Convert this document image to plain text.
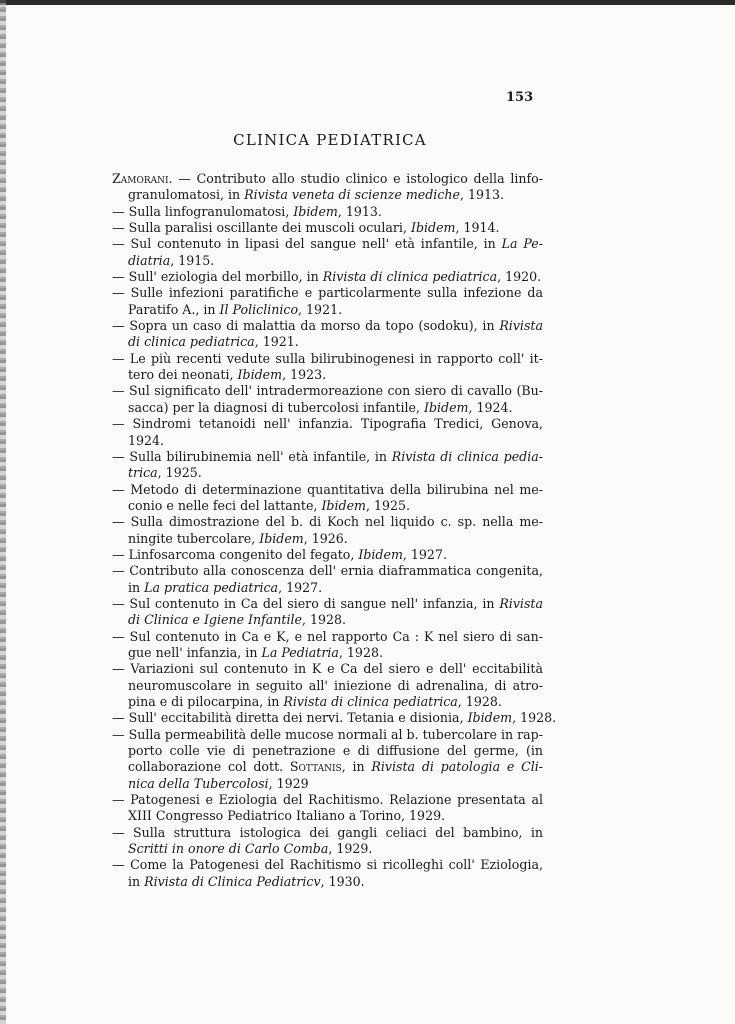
153
CLINICA PEDIATRICA
Zamorani. — Contributo allo studio clinico e istologico della linfo-
granulomatosi, in Rivista veneta di scienze mediche, 1913.
— Sulla linfogranulomatosi, Ibidem, 1913.
— Sulla paralisi oscillante dei muscoli oculari, Ibidem, 1914.
— Sul contenuto in lipasi del sangue nell' età infantile, in La Pe-
diatria, 1915.
— Sull' eziologia del morbillo, in Rivista di clinica pediatrica, 1920.
— Sulle infezioni paratifiche e particolarmente sulla infezione da
Paratifo A., in Il Policlinico, 1921.
— Sopra un caso di malattia da morso da topo (sodoku), in Rivista
di clinica pediatrica, 1921.
— Le più recenti vedute sulla bilirubinogenesi in rapporto coll' it-
tero dei neonati, Ibidem, 1923.
— Sul significato dell' intradermoreazione con siero di cavallo (Bu-
sacca) per la diagnosi di tubercolosi infantile, Ibidem, 1924.
— Sindromi tetanoidi nell' infanzia. Tipografia Tredici, Genova,
1924.
— Sulla bilirubinemia nell' età infantile, in Rivista di clinica pedia-
trica, 1925.
— Metodo di determinazione quantitativa della bilirubina nel me-
conio e nelle feci del lattante, Ibidem, 1925.
— Sulla dimostrazione del b. di Koch nel liquido c. sp. nella me-
ningite tubercolare, Ibidem, 1926.
— Linfosarcoma congenito del fegato, Ibidem, 1927.
— Contributo alla conoscenza dell' ernia diaframmatica congenita,
in La pratica pediatrica, 1927.
— Sul contenuto in Ca del siero di sangue nell' infanzia, in Rivista
di Clinica e Igiene Infantile, 1928.
— Sul contenuto in Ca e K, e nel rapporto Ca : K nel siero di san-
gue nell' infanzia, in La Pediatria, 1928.
— Variazioni sul contenuto in K e Ca del siero e dell' eccitabilità
neuromuscolare in seguito all' iniezione di adrenalina, di atro-
pina e di pilocarpina, in Rivista di clinica pediatrica, 1928.
— Sull' eccitabilità diretta dei nervi. Tetania e disionia, Ibidem, 1928.
— Sulla permeabilità delle mucose normali al b. tubercolare in rap-
porto colle vie di penetrazione e di diffusione del germe, (in
collaborazione col dott. Sottanis, in Rivista di patologia e Cli-
nica della Tubercolosi, 1929
— Patogenesi e Eziologia del Rachitismo. Relazione presentata al
XIII Congresso Pediatrico Italiano a Torino, 1929.
— Sulla struttura istologica dei gangli celiaci del bambino, in
Scritti in onore di Carlo Comba, 1929.
— Come la Patogenesi del Rachitismo si ricolleghi coll' Eziologia,
in Rivista di Clinica Pediatricv, 1930.
